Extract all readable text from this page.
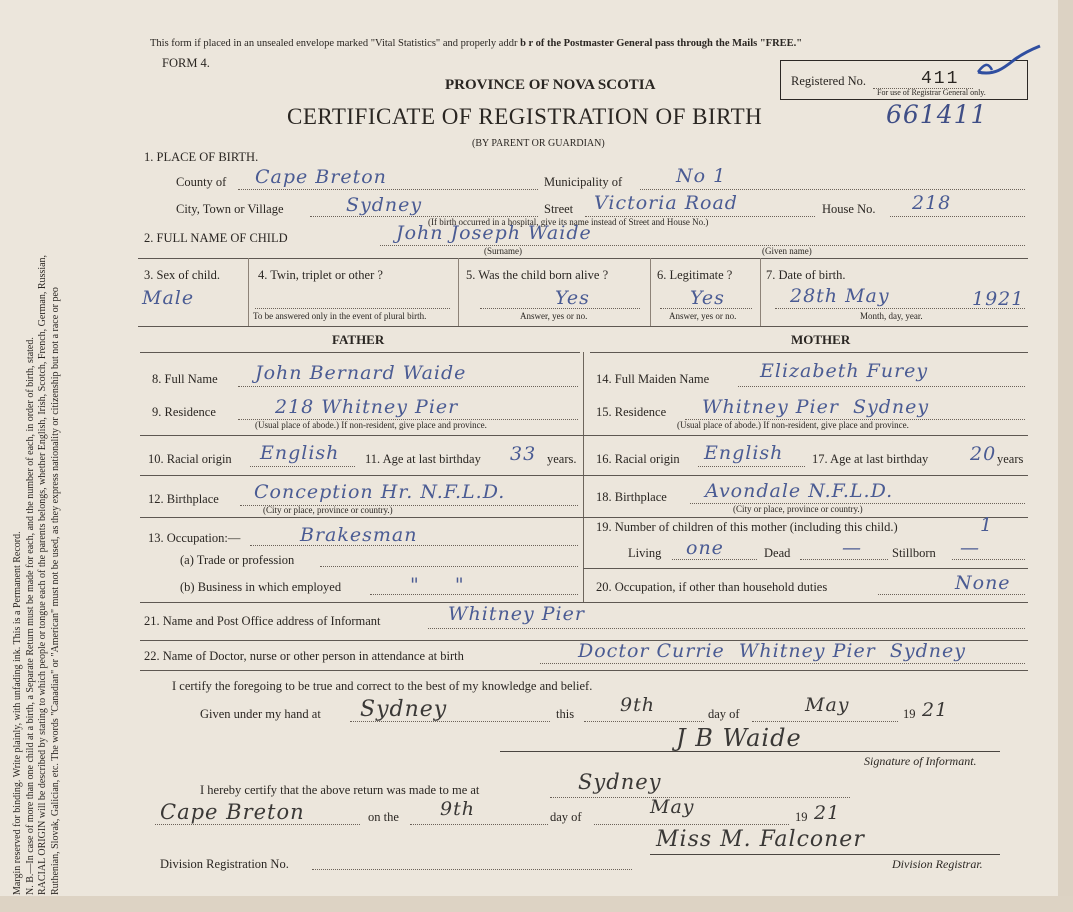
Margin reserved for binding. Write plainly, with unfading ink. This is a Permanent Record. N. B.—In case of more than one child at a birth, a Separate Return must be made for each, and the number of each, in order of birth, stated. RACIAL ORIGIN will be described by stating to which people or tongue each of the parents belongs, whether English, Irish, Scotch, French, German, Russian, Ruthenian, Slovak, Galician, etc. The words "Canadian" or "American" must not be used, as they express nationality or citizenship but not a race or peo
This form if placed in an unsealed envelope marked "Vital Statistics" and properly addr b r of the Postmaster General pass through the Mails "FREE."
FORM 4.
PROVINCE OF NOVA SCOTIA
CERTIFICATE OF REGISTRATION OF BIRTH	661411
(BY PARENT OR GUARDIAN)
Registered No.	411
For use of Registrar General only.
1. PLACE OF BIRTH.
County of Cape Breton	Municipality of	No 1
City, Town or Village	Sydney	Street Victoria Road	House No. 218
(If birth occurred in a hospital, give its name instead of Street and House No.)
2. FULL NAME OF CHILD	John Joseph Waide
(Surname)	(Given name)
3. Sex of child.
Male
4. Twin, triplet or other ?
To be answered only in the event of plural birth.
5. Was the child born alive ?
Yes
Answer, yes or no.
6. Legitimate ?
Yes
Answer, yes or no.
7. Date of birth.
28th May	1921
Month, day, year.
FATHER	MOTHER
8. Full Name John Bernard Waide
9. Residence	218 Whitney Pier
(Usual place of abode.) If non-resident, give place and province.
10. Racial origin English 11. Age at last birthday 33 years.
12. Birthplace Conception Hr. N.F.L.D.
(City or place, province or country.)
13. Occupation:—	Brakesman
(a) Trade or profession
(b) Business in which employed	"     "
14. Full Maiden Name	Elizabeth Furey
15. Residence Whitney Pier  Sydney
(Usual place of abode.) If non-resident, give place and province.
16. Racial origin English 17. Age at last birthday 20 years
18. Birthplace Avondale N.F.L.D.
(City or place, province or country.)
19. Number of children of this mother (including this child.)	1
Living one	Dead	— Stillborn —
20. Occupation, if other than household duties	None
21. Name and Post Office address of Informant	Whitney Pier
22. Name of Doctor, nurse or other person in attendance at birth	Doctor Currie  Whitney Pier  Sydney
I certify the foregoing to be true and correct to the best of my knowledge and belief.
Given under my hand at Sydney	this 9th	day of	May	19 21
J B Waide
Signature of Informant.
I hereby certify that the above return was made to me at	Sydney
Cape Breton	on the 9th	day of	May	19 21
Miss M. Falconer
Division Registration No.	Division Registrar.
